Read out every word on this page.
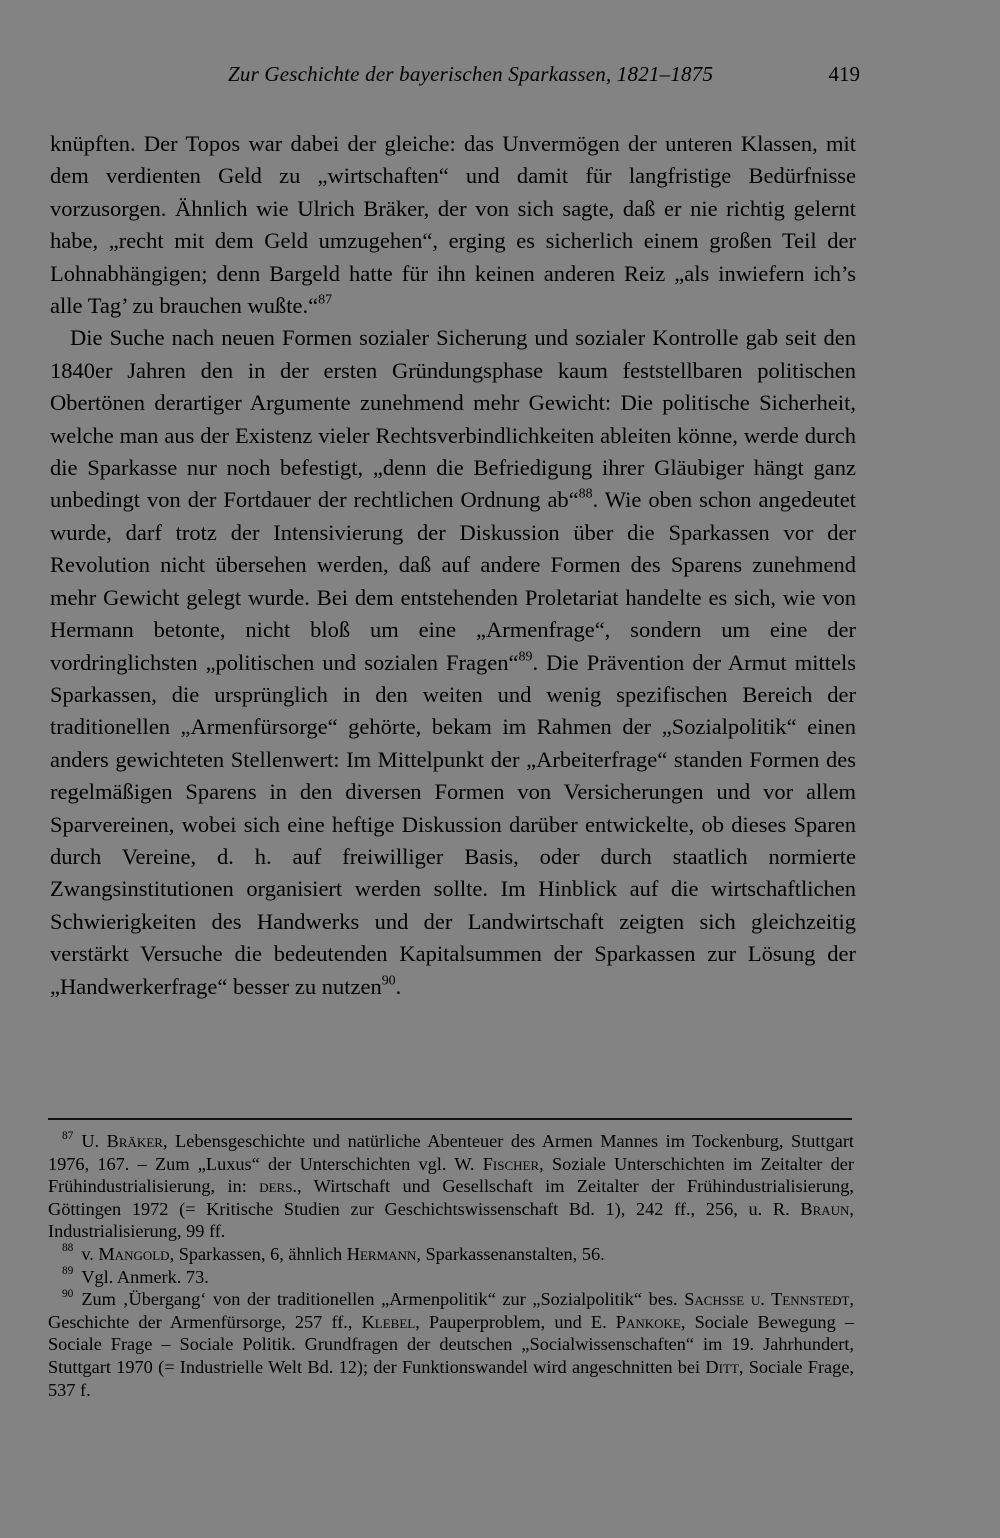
Zur Geschichte der bayerischen Sparkassen, 1821–1875	419

knüpften. Der Topos war dabei der gleiche: das Unvermögen der unteren Klassen, mit dem verdienten Geld zu „wirtschaften“ und damit für langfristige Bedürfnisse vorzusorgen. Ähnlich wie Ulrich Bräker, der von sich sagte, daß er nie richtig gelernt habe, „recht mit dem Geld umzugehen“, erging es sicherlich einem großen Teil der Lohnabhängigen; denn Bargeld hatte für ihn keinen anderen Reiz „als inwiefern ich’s alle Tag’ zu brauchen wußte.“$^{87}$

Die Suche nach neuen Formen sozialer Sicherung und sozialer Kontrolle gab seit den 1840er Jahren den in der ersten Gründungsphase kaum feststellbaren politischen Obertönen derartiger Argumente zunehmend mehr Gewicht: Die politische Sicherheit, welche man aus der Existenz vieler Rechtsverbindlichkeiten ableiten könne, werde durch die Sparkasse nur noch befestigt, „denn die Befriedigung ihrer Gläubiger hängt ganz unbedingt von der Fortdauer der rechtlichen Ordnung ab“$^{88}$. Wie oben schon angedeutet wurde, darf trotz der Intensivierung der Diskussion über die Sparkassen vor der Revolution nicht übersehen werden, daß auf andere Formen des Sparens zunehmend mehr Gewicht gelegt wurde. Bei dem entstehenden Proletariat handelte es sich, wie von Hermann betonte, nicht bloß um eine „Armenfrage“, sondern um eine der vordringlichsten „politischen und sozialen Fragen“$^{89}$. Die Prävention der Armut mittels Sparkassen, die ursprünglich in den weiten und wenig spezifischen Bereich der traditionellen „Armenfürsorge“ gehörte, bekam im Rahmen der „Sozialpolitik“ einen anders gewichteten Stellenwert: Im Mittelpunkt der „Arbeiterfrage“ standen Formen des regelmäßigen Sparens in den diversen Formen von Versicherungen und vor allem Sparvereinen, wobei sich eine heftige Diskussion darüber entwickelte, ob dieses Sparen durch Vereine, d. h. auf freiwilliger Basis, oder durch staatlich normierte Zwangsinstitutionen organisiert werden sollte. Im Hinblick auf die wirtschaftlichen Schwierigkeiten des Handwerks und der Landwirtschaft zeigten sich gleichzeitig verstärkt Versuche die bedeutenden Kapitalsummen der Sparkassen zur Lösung der „Handwerkerfrage“ besser zu nutzen$^{90}$.

$^{87}$ U. Bräker, Lebensgeschichte und natürliche Abenteuer des Armen Mannes im Tockenburg, Stuttgart 1976, 167. – Zum „Luxus“ der Unterschichten vgl. W. Fischer, Soziale Unterschichten im Zeitalter der Frühindustrialisierung, in: ders., Wirtschaft und Gesellschaft im Zeitalter der Frühindustrialisierung, Göttingen 1972 (= Kritische Studien zur Geschichtswissenschaft Bd. 1), 242 ff., 256, u. R. Braun, Industrialisierung, 99 ff.

$^{88}$ v. Mangold, Sparkassen, 6, ähnlich Hermann, Sparkassenanstalten, 56.

$^{89}$ Vgl. Anmerk. 73.

$^{90}$ Zum ‚Übergang‘ von der traditionellen „Armenpolitik“ zur „Sozialpolitik“ bes. Sachsse u. Tennstedt, Geschichte der Armenfürsorge, 257 ff., Klebel, Pauperproblem, und E. Pankoke, Sociale Bewegung – Sociale Frage – Sociale Politik. Grundfragen der deutschen „Socialwissenschaften“ im 19. Jahrhundert, Stuttgart 1970 (= Industrielle Welt Bd. 12); der Funktionswandel wird angeschnitten bei Ditt, Sociale Frage, 537 f.
